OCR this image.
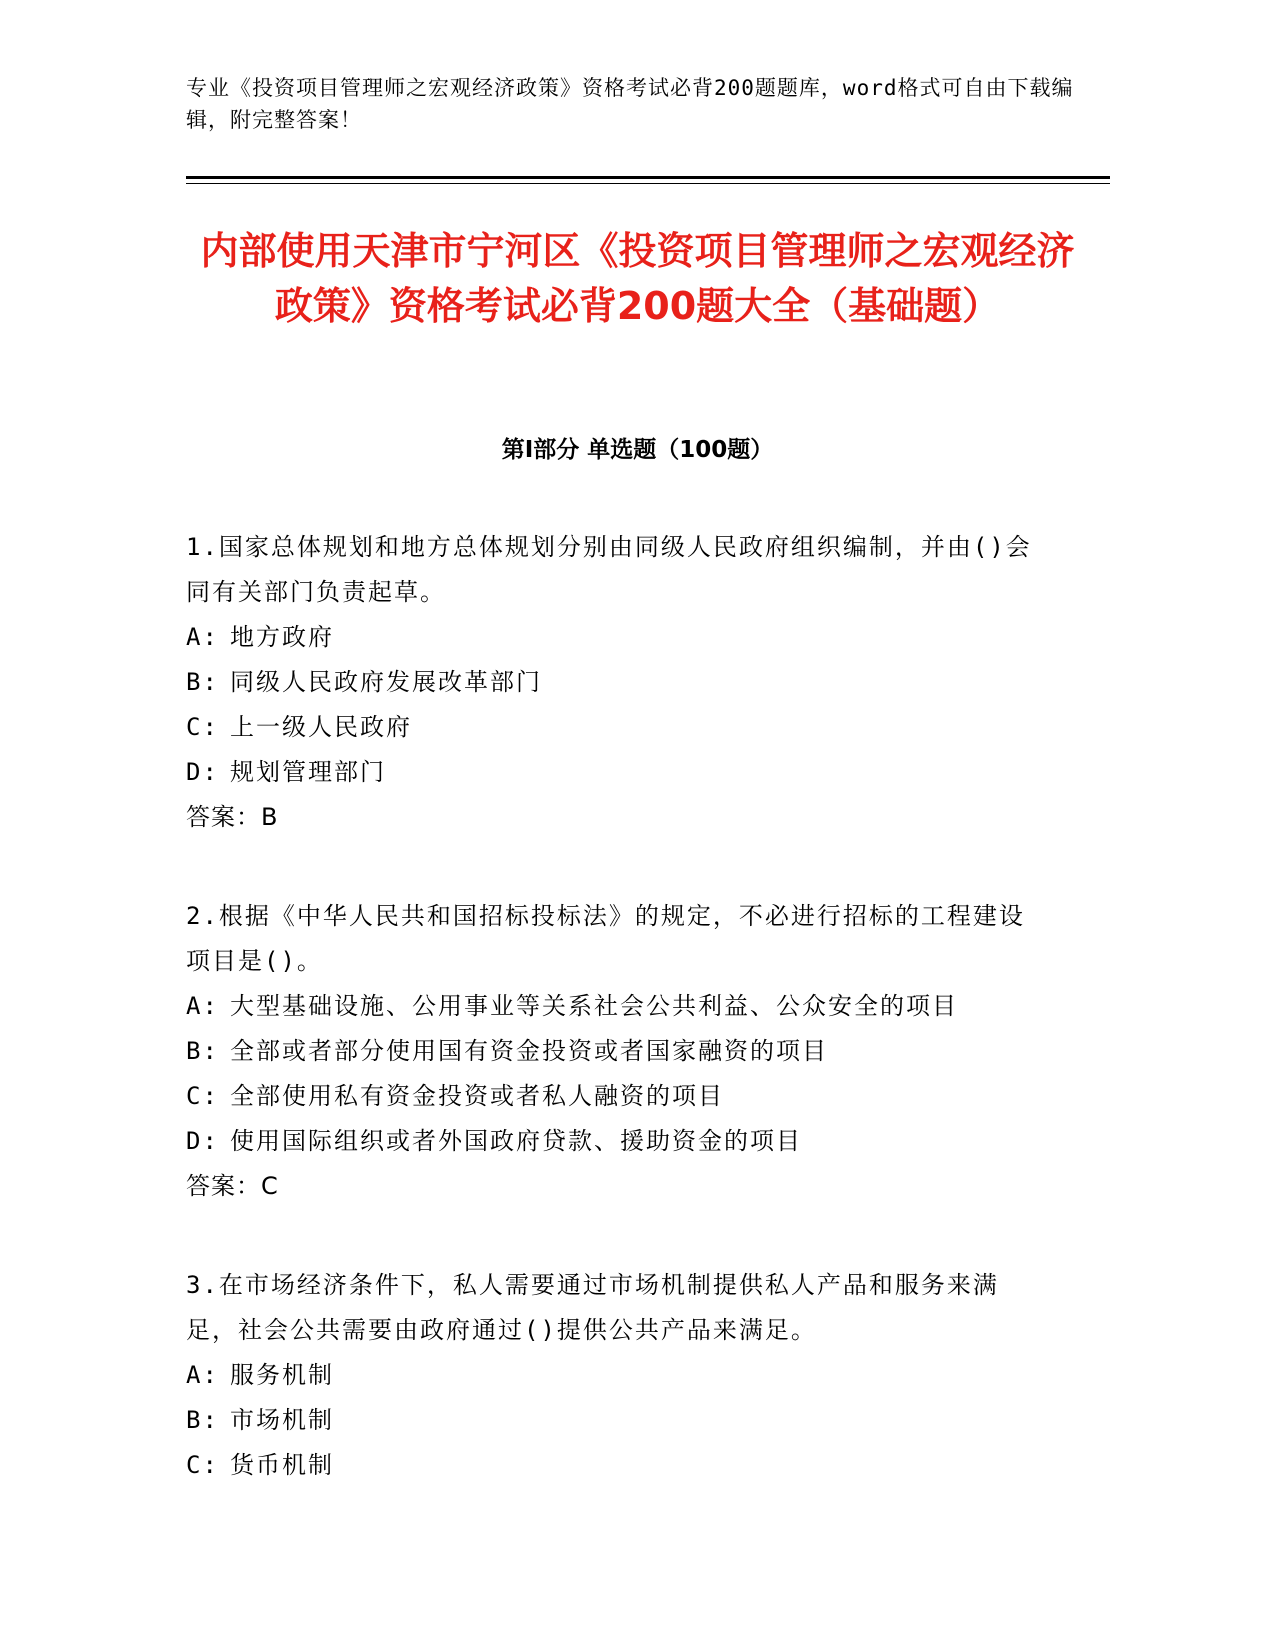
专业《投资项目管理师之宏观经济政策》资格考试必背200题题库，word格式可自由下载编辑，附完整答案！

内部使用天津市宁河区《投资项目管理师之宏观经济政策》资格考试必背200题大全（基础题）
第Ⅰ部分 单选题（100题）

1.国家总体规划和地方总体规划分别由同级人民政府组织编制，并由()会同有关部门负责起草。

A: 地方政府

B: 同级人民政府发展改革部门

C: 上一级人民政府

D: 规划管理部门

答案：B

2.根据《中华人民共和国招标投标法》的规定，不必进行招标的工程建设项目是()。

A: 大型基础设施、公用事业等关系社会公共利益、公众安全的项目

B: 全部或者部分使用国有资金投资或者国家融资的项目

C: 全部使用私有资金投资或者私人融资的项目

D: 使用国际组织或者外国政府贷款、援助资金的项目

答案：C

3.在市场经济条件下，私人需要通过市场机制提供私人产品和服务来满足，社会公共需要由政府通过()提供公共产品来满足。

A: 服务机制

B: 市场机制

C: 货币机制
